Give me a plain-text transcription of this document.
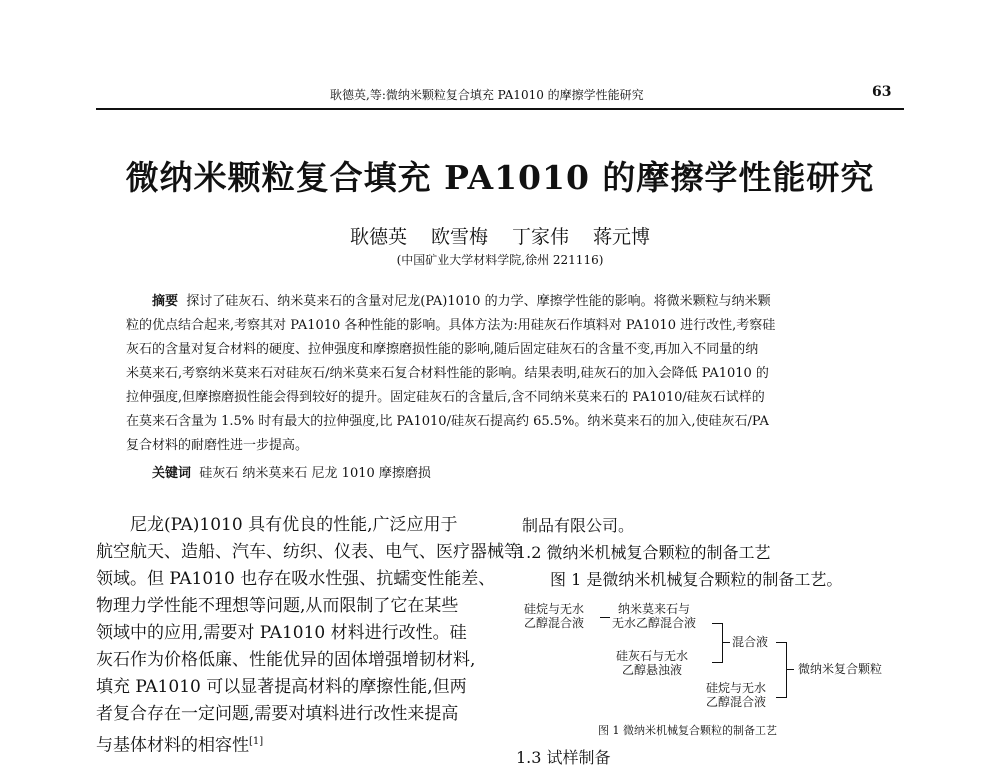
耿德英,等:微纳米颗粒复合填充 PA1010 的摩擦学性能研究	63
微纳米颗粒复合填充 PA1010 的摩擦学性能研究
耿德英 欧雪梅 丁家伟 蒋元博
(中国矿业大学材料学院,徐州 221116)
摘要 探讨了硅灰石、纳米莫来石的含量对尼龙(PA)1010 的力学、摩擦学性能的影响。将微米颗粒与纳米颗
粒的优点结合起来,考察其对 PA1010 各种性能的影响。具体方法为:用硅灰石作填料对 PA1010 进行改性,考察硅
灰石的含量对复合材料的硬度、拉伸强度和摩擦磨损性能的影响,随后固定硅灰石的含量不变,再加入不同量的纳
米莫来石,考察纳米莫来石对硅灰石/纳米莫来石复合材料性能的影响。结果表明,硅灰石的加入会降低 PA1010 的
拉伸强度,但摩擦磨损性能会得到较好的提升。固定硅灰石的含量后,含不同纳米莫来石的 PA1010/硅灰石试样的
在莫来石含量为 1.5% 时有最大的拉伸强度,比 PA1010/硅灰石提高约 65.5%。纳米莫来石的加入,使硅灰石/PA
复合材料的耐磨性进一步提高。
关键词 硅灰石 纳米莫来石 尼龙 1010 摩擦磨损
尼龙(PA)1010 具有优良的性能,广泛应用于
航空航天、造船、汽车、纺织、仪表、电气、医疗器械等
领域。但 PA1010 也存在吸水性强、抗蠕变性能差、
物理力学性能不理想等问题,从而限制了它在某些
领域中的应用,需要对 PA1010 材料进行改性。硅
灰石作为价格低廉、性能优异的固体增强增韧材料,
填充 PA1010 可以显著提高材料的摩擦性能,但两
者复合存在一定问题,需要对填料进行改性来提高
与基体材料的相容性[1]
制品有限公司。
1.2 微纳米机械复合颗粒的制备工艺
图 1 是微纳米机械复合颗粒的制备工艺。
硅烷与无水
乙醇混合液
纳米莫来石与
无水乙醇混合液
混合液
硅灰石与无水
乙醇悬浊液	微纳米复合颗粒
硅烷与无水
乙醇混合液
图 1 微纳米机械复合颗粒的制备工艺
1.3 试样制备
